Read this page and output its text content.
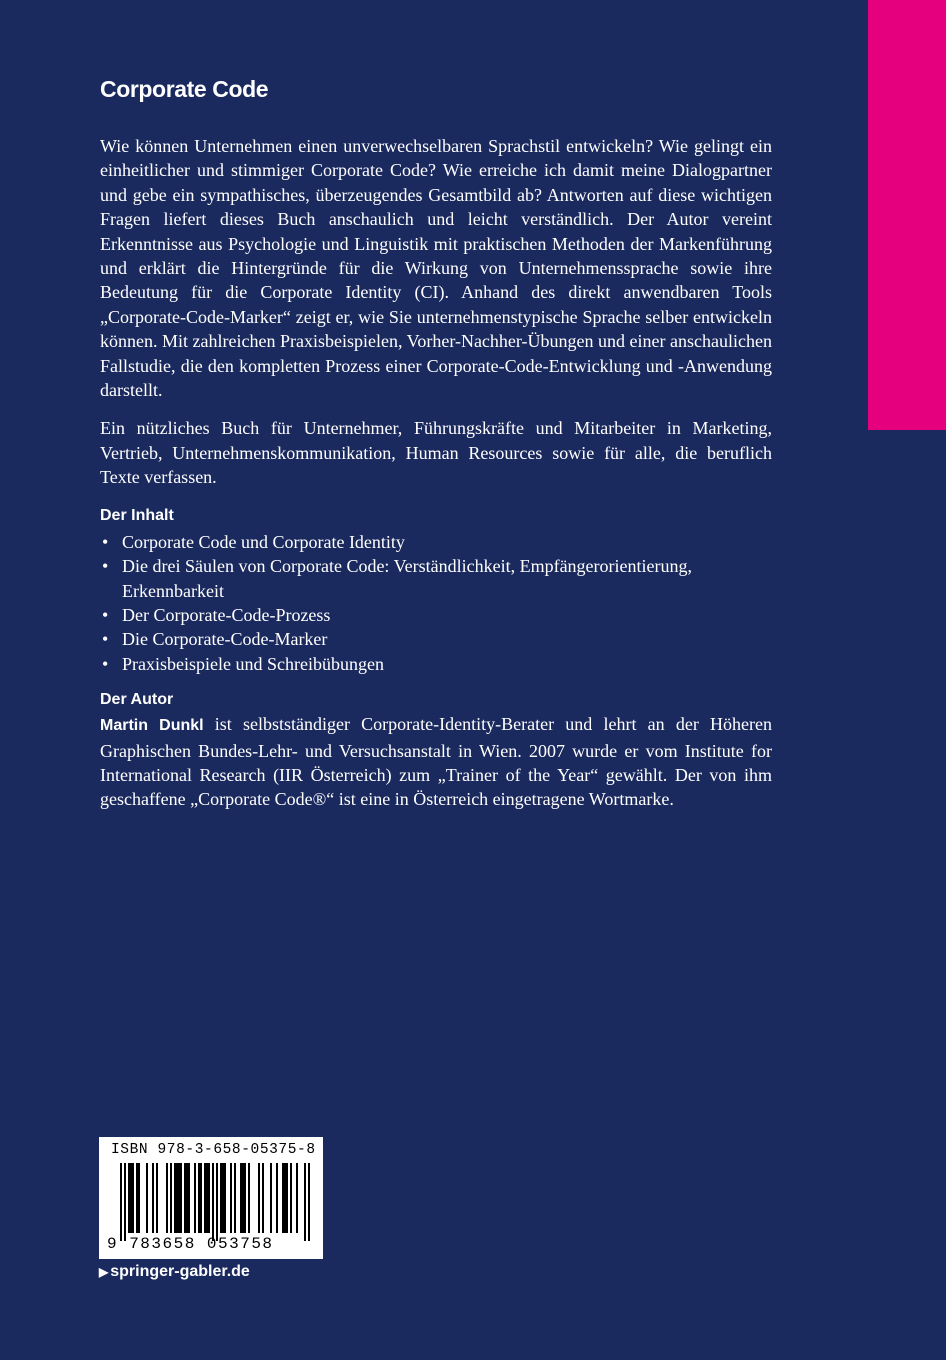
Corporate Code

Wie können Unternehmen einen unverwechselbaren Sprachstil entwickeln? Wie gelingt ein einheitlicher und stimmiger Corporate Code? Wie erreiche ich damit meine Dialogpartner und gebe ein sympathisches, überzeugendes Gesamtbild ab? Antworten auf diese wichtigen Fragen liefert dieses Buch anschaulich und leicht verständlich. Der Autor vereint Erkenntnisse aus Psychologie und Linguistik mit praktischen Methoden der Markenführung und erklärt die Hintergründe für die Wirkung von Unternehmenssprache sowie ihre Bedeutung für die Corporate Identity (CI). Anhand des direkt anwendbaren Tools „Corporate-Code-Marker“ zeigt er, wie Sie unternehmenstypische Sprache selber entwickeln können. Mit zahlreichen Praxisbeispielen, Vorher-Nachher-Übungen und einer anschaulichen Fallstudie, die den kompletten Prozess einer Corporate-Code-Entwicklung und -Anwendung darstellt.

Ein nützliches Buch für Unternehmer, Führungskräfte und Mitarbeiter in Marketing, Vertrieb, Unternehmenskommunikation, Human Resources sowie für alle, die beruflich Texte verfassen.

Der Inhalt
• Corporate Code und Corporate Identity
• Die drei Säulen von Corporate Code: Verständlichkeit, Empfängerorientierung, Erkennbarkeit
• Der Corporate-Code-Prozess
• Die Corporate-Code-Marker
• Praxisbeispiele und Schreibübungen
Der Autor

Martin Dunkl ist selbstständiger Corporate-Identity-Berater und lehrt an der Höheren Graphischen Bundes-Lehr- und Versuchsanstalt in Wien. 2007 wurde er vom Institute for International Research (IIR Österreich) zum „Trainer of the Year“ gewählt. Der von ihm geschaffene „Corporate Code®“ ist eine in Österreich eingetragene Wortmarke.

ISBN 978-3-658-05375-8
9 783658 053758
▶ springer-gabler.de
